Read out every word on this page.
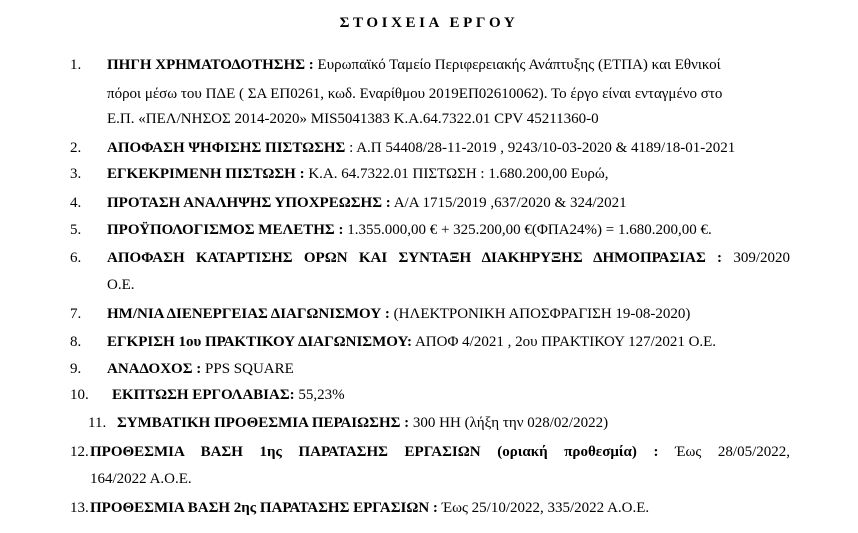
ΣΤΟΙΧΕΙΑ ΕΡΓΟΥ
1. ΠΗΓΗ ΧΡΗΜΑΤΟΔΟΤΗΣΗΣ : Ευρωπαϊκό Ταμείο Περιφερειακής Ανάπτυξης (ΕΤΠΑ) και Εθνικοί
πόροι μέσω του ΠΔΕ ( ΣΑ ΕΠ0261, κωδ. Εναρίθμου 2019ΕΠ02610062). Το έργο είναι ενταγμένο στο
Ε.Π. «ΠΕΛ/ΝΗΣΟΣ 2014-2020» MIS5041383 Κ.Α.64.7322.01 CPV 45211360-0
2. ΑΠΟΦΑΣΗ ΨΗΦΙΣΗΣ ΠΙΣΤΩΣΗΣ : Α.Π 54408/28-11-2019 , 9243/10-03-2020 & 4189/18-01-2021
3. ΕΓΚΕΚΡΙΜΕΝΗ ΠΙΣΤΩΣΗ : Κ.Α. 64.7322.01 ΠΙΣΤΩΣΗ : 1.680.200,00 Ευρώ,
4. ΠΡΟΤΑΣΗ ΑΝΑΛΗΨΗΣ ΥΠΟΧΡΕΩΣΗΣ : Α/Α 1715/2019 ,637/2020 & 324/2021
5. ΠΡΟΫΠΟΛΟΓΙΣΜΟΣ ΜΕΛΕΤΗΣ : 1.355.000,00 € + 325.200,00 €(ΦΠΑ24%) = 1.680.200,00 €.
6. ΑΠΟΦΑΣΗ ΚΑΤΑΡΤΙΣΗΣ ΟΡΩΝ ΚΑΙ ΣΥΝΤΑΞΗ ΔΙΑΚΗΡΥΞΗΣ ΔΗΜΟΠΡΑΣΙΑΣ : 309/2020
Ο.Ε.
7. ΗΜ/ΝΙΑ ΔΙΕΝΕΡΓΕΙΑΣ ΔΙΑΓΩΝΙΣΜΟΥ : (ΗΛΕΚΤΡΟΝΙΚΗ ΑΠΟΣΦΡΑΓΙΣΗ 19-08-2020)
8. ΕΓΚΡΙΣΗ 1ου ΠΡΑΚΤΙΚΟΥ ΔΙΑΓΩΝΙΣΜΟΥ: ΑΠΟΦ 4/2021 , 2ου ΠΡΑΚΤΙΚΟΥ 127/2021 Ο.Ε.
9. ΑΝΑΔΟΧΟΣ : PPS SQUARE
10. ΕΚΠΤΩΣΗ ΕΡΓΟΛΑΒΙΑΣ: 55,23%
11. ΣΥΜΒΑΤΙΚΗ ΠΡΟΘΕΣΜΙΑ ΠΕΡΑΙΩΣΗΣ : 300 ΗΗ (λήξη την 028/02/2022)
12. ΠΡΟΘΕΣΜΙΑ ΒΑΣΗ 1ης ΠΑΡΑΤΑΣΗΣ ΕΡΓΑΣΙΩΝ (οριακή προθεσμία) : Έως 28/05/2022,
164/2022 Α.Ο.Ε.
13. ΠΡΟΘΕΣΜΙΑ ΒΑΣΗ 2ης ΠΑΡΑΤΑΣΗΣ ΕΡΓΑΣΙΩΝ : Έως 25/10/2022, 335/2022 Α.Ο.Ε.
